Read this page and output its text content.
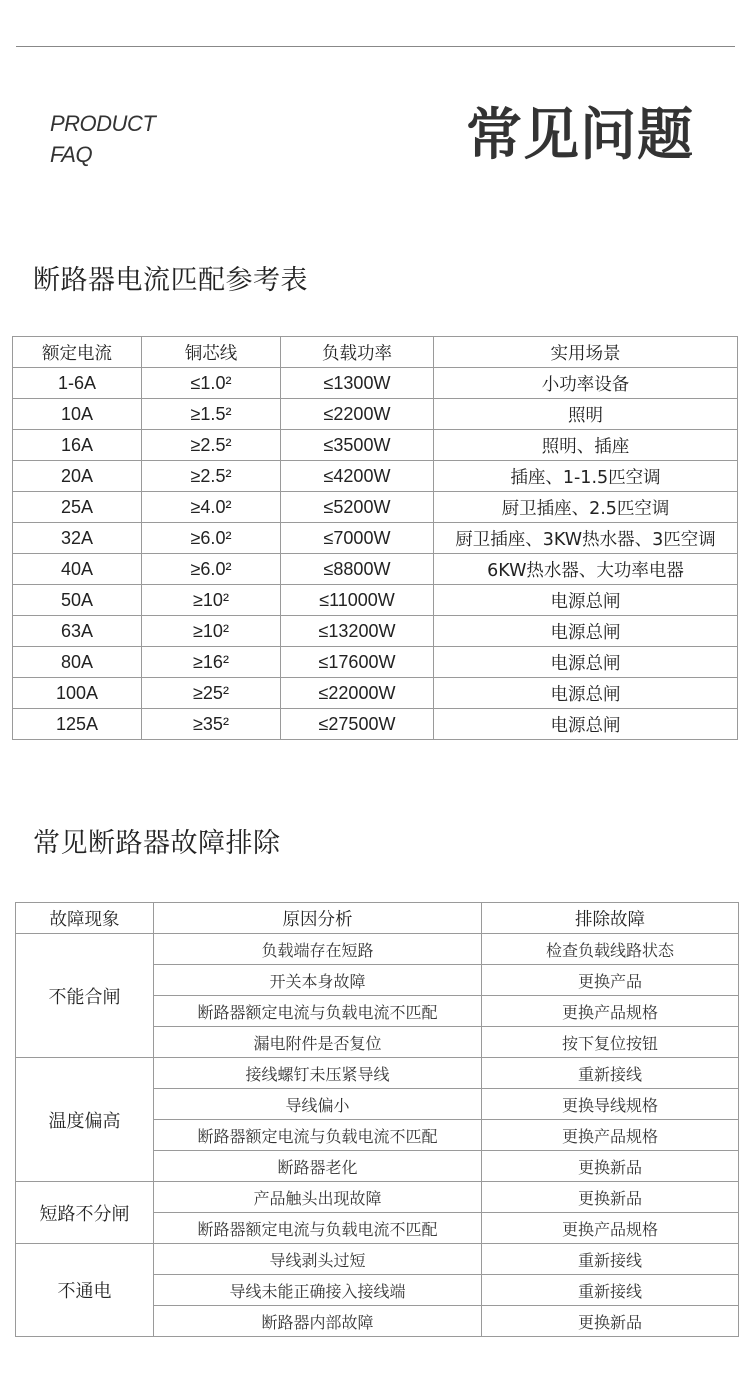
PRODUCT
FAQ	常见问题
断路器电流匹配参考表
额定电流	铜芯线	负载功率	实用场景
1-6A	≤1.0²	≤1300W	小功率设备
10A	≥1.5²	≤2200W	照明
16A	≥2.5²	≤3500W	照明、插座
20A	≥2.5²	≤4200W	插座、1-1.5匹空调
25A	≥4.0²	≤5200W	厨卫插座、2.5匹空调
32A	≥6.0²	≤7000W	厨卫插座、3KW热水器、3匹空调
40A	≥6.0²	≤8800W	6KW热水器、大功率电器
50A	≥10²	≤11000W	电源总闸
63A	≥10²	≤13200W	电源总闸
80A	≥16²	≤17600W	电源总闸
100A	≥25²	≤22000W	电源总闸
125A	≥35²	≤27500W	电源总闸
常见断路器故障排除
故障现象	原因分析	排除故障
不能合闸	负载端存在短路	检查负载线路状态
	开关本身故障	更换产品
	断路器额定电流与负载电流不匹配	更换产品规格
	漏电附件是否复位	按下复位按钮
温度偏高	接线螺钉未压紧导线	重新接线
	导线偏小	更换导线规格
	断路器额定电流与负载电流不匹配	更换产品规格
	断路器老化	更换新品
短路不分闸	产品触头出现故障	更换新品
	断路器额定电流与负载电流不匹配	更换产品规格
不通电	导线剥头过短	重新接线
	导线未能正确接入接线端	重新接线
	断路器内部故障	更换新品
